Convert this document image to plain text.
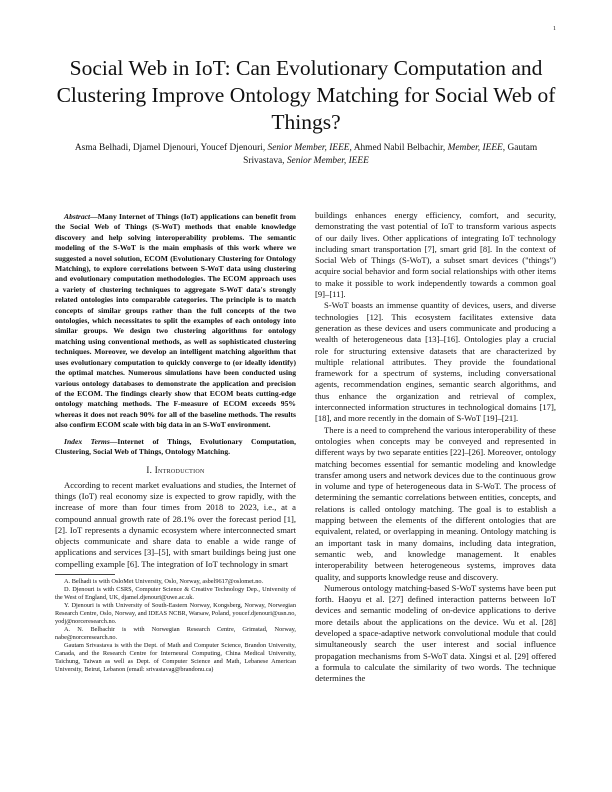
1
Social Web in IoT: Can Evolutionary Computation and Clustering Improve Ontology Matching for Social Web of Things?
Asma Belhadi, Djamel Djenouri, Youcef Djenouri, Senior Member, IEEE, Ahmed Nabil Belbachir, Member, IEEE, Gautam Srivastava, Senior Member, IEEE

Abstract—Many Internet of Things (IoT) applications can benefit from the Social Web of Things (S-WoT) methods that enable knowledge discovery and help solving interoperability problems. The semantic modeling of the S-WoT is the main emphasis of this work where we suggested a novel solution, ECOM (Evolutionary Clustering for Ontology Matching), to explore correlations between S-WoT data using clustering and evolutionary computation methodologies. The ECOM approach uses a variety of clustering techniques to aggregate S-WoT data's strongly related ontologies into comparable categories. The principle is to match concepts of similar groups rather than the full concepts of the two ontologies, which necessitates to split the examples of each ontology into similar groups. We design two clustering algorithms for ontology matching using conventional methods, as well as sophisticated clustering techniques. Moreover, we develop an intelligent matching algorithm that uses evolutionary computation to quickly converge to (or ideally identify) the optimal matches. Numerous simulations have been conducted using various ontology databases to demonstrate the application and precision of the ECOM. The findings clearly show that ECOM beats cutting-edge ontology matching methods. The F-measure of ECOM exceeds 95% whereas it does not reach 90% for all of the baseline methods. The results also confirm ECOM scale with big data in an S-WoT environment.

Index Terms—Internet of Things, Evolutionary Computation, Clustering, Social Web of Things, Ontology Matching.

I. Introduction

According to recent market evaluations and studies, the Internet of things (IoT) real economy size is expected to grow rapidly, with the increase of more than four times from 2018 to 2023, i.e., at a compound annual growth rate of 28.1% over the forecast period [1], [2]. IoT represents a dynamic ecosystem where interconnected smart objects communicate and share data to enable a wide range of applications and services [3]–[5], with smart buildings being just one compelling example [6]. The integration of IoT technology in smart

A. Belhadi is with OsloMet University, Oslo, Norway, asbel9617@oslomet.no.

D. Djenouri is with CSRS, Computer Science & Creative Technology Dep., University of the West of England, UK, djamel.djenouri@uwe.ac.uk.

Y. Djenouri is with University of South-Eastern Norway, Kongsberg, Norway, Norwegian Research Centre, Oslo, Norway, and IDEAS NCBR, Warsaw, Poland, youcef.djenouri@usn.no, yodj@norceresearch.no.

A. N. Belbachir is with Norwegian Research Centre, Grimstad, Norway, nabe@norceresearch.no.

Gautam Srivastava is with the Dept. of Math and Computer Science, Brandon University, Canada, and the Research Centre for Interneural Computing, China Medical University, Taichung, Taiwan as well as Dept. of Computer Science and Math, Lebanese American University, Beirut, Lebanon (email: srivastavag@brandonu.ca)

buildings enhances energy efficiency, comfort, and security, demonstrating the vast potential of IoT to transform various aspects of our daily lives. Other applications of integrating IoT technology including smart transportation [7], smart grid [8]. In the context of Social Web of Things (S-WoT), a subset smart devices ("things") acquire social behavior and form social relationships with other items to make it possible to work independently towards a common goal [9]–[11].

S-WoT boasts an immense quantity of devices, users, and diverse technologies [12]. This ecosystem facilitates extensive data generation as these devices and users communicate and producing a wealth of heterogeneous data [13]–[16]. Ontologies play a crucial role for structuring extensive datasets that are characterized by multiple relational attributes. They provide the foundational framework for a spectrum of systems, including conversational agents, recommendation engines, semantic search algorithms, and thus enhance the organization and retrieval of complex, interconnected information structures in technological domains [17], [18], and more recently in the domain of S-WoT [19]–[21].

There is a need to comprehend the various interoperability of these ontologies when concepts may be conveyed and represented in different ways by two separate entities [22]–[26]. Moreover, ontology matching becomes essential for semantic modeling and knowledge transfer among users and network devices due to the continuous grow in volume and type of heterogeneous data in S-WoT. The process of determining the semantic correlations between entities, concepts, and relations is called ontology matching. The goal is to establish a mapping between the elements of the different ontologies that are equivalent, related, or overlapping in meaning. Ontology matching is an important task in many domains, including data integration, semantic web, and knowledge management. It enables interoperability between heterogeneous systems, improves data quality, and supports knowledge reuse and discovery.

Numerous ontology matching-based S-WoT systems have been put forth. Haoyu et al. [27] defined interaction patterns between IoT devices and semantic modeling of on-device applications to derive more details about the applications on the device. Wu et al. [28] developed a space-adaptive network convolutional module that could simultaneously search the user interest and social influence propagation mechanisms from S-WoT data. Xingsi et al. [29] offered a formula to calculate the similarity of two words. The technique determines the
